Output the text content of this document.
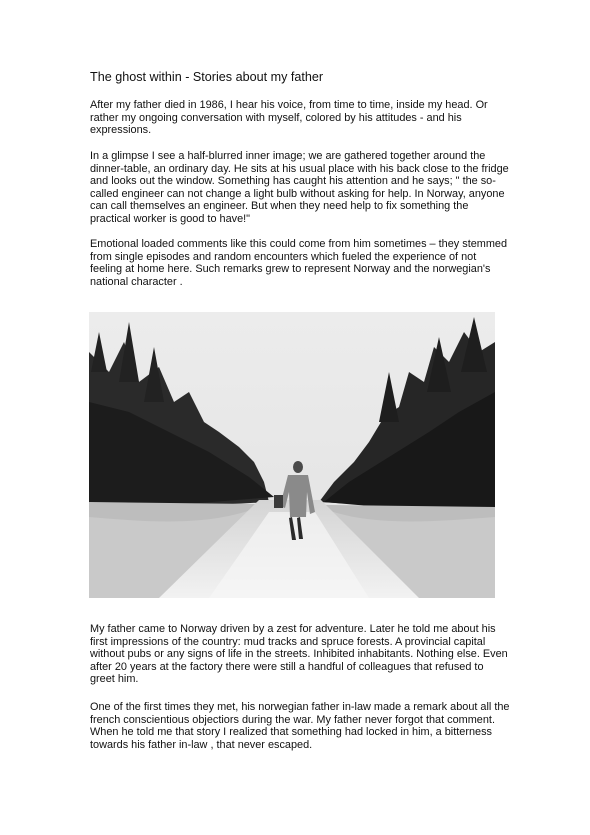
The ghost within - Stories about my father

After my father died in 1986, I hear his voice, from time to time, inside my head. Or rather my ongoing conversation with myself, colored by his attitudes - and his expressions.

In a glimpse I see a half-blurred inner image; we are gathered together around the dinner-table, an ordinary day. He sits at his usual place with his back close to the fridge and looks out the window. Something has caught his attention and he says; " the so-called engineer can not change a light bulb without asking for help. In Norway, anyone can call themselves an engineer. But when they need help to fix something the practical worker is good to have!"

Emotional loaded comments like this could come from him sometimes – they stemmed from single episodes and random encounters which fueled the experience of not feeling at home here. Such remarks grew to represent Norway and the norwegian's national character .

My father came to Norway driven by a zest for adventure. Later he told me about his first impressions of the country: mud tracks and spruce forests. A provincial capital without pubs or any signs of life in the streets. Inhibited inhabitants. Nothing else. Even after 20 years at the factory there were still a handful of colleagues that refused to greet him.

One of the first times they met, his norwegian father in-law made a remark about all the french conscientious objectiors during the war. My father never forgot that comment. When he told me that story I realized that something had locked in him, a bitterness towards his father in-law , that never escaped.
